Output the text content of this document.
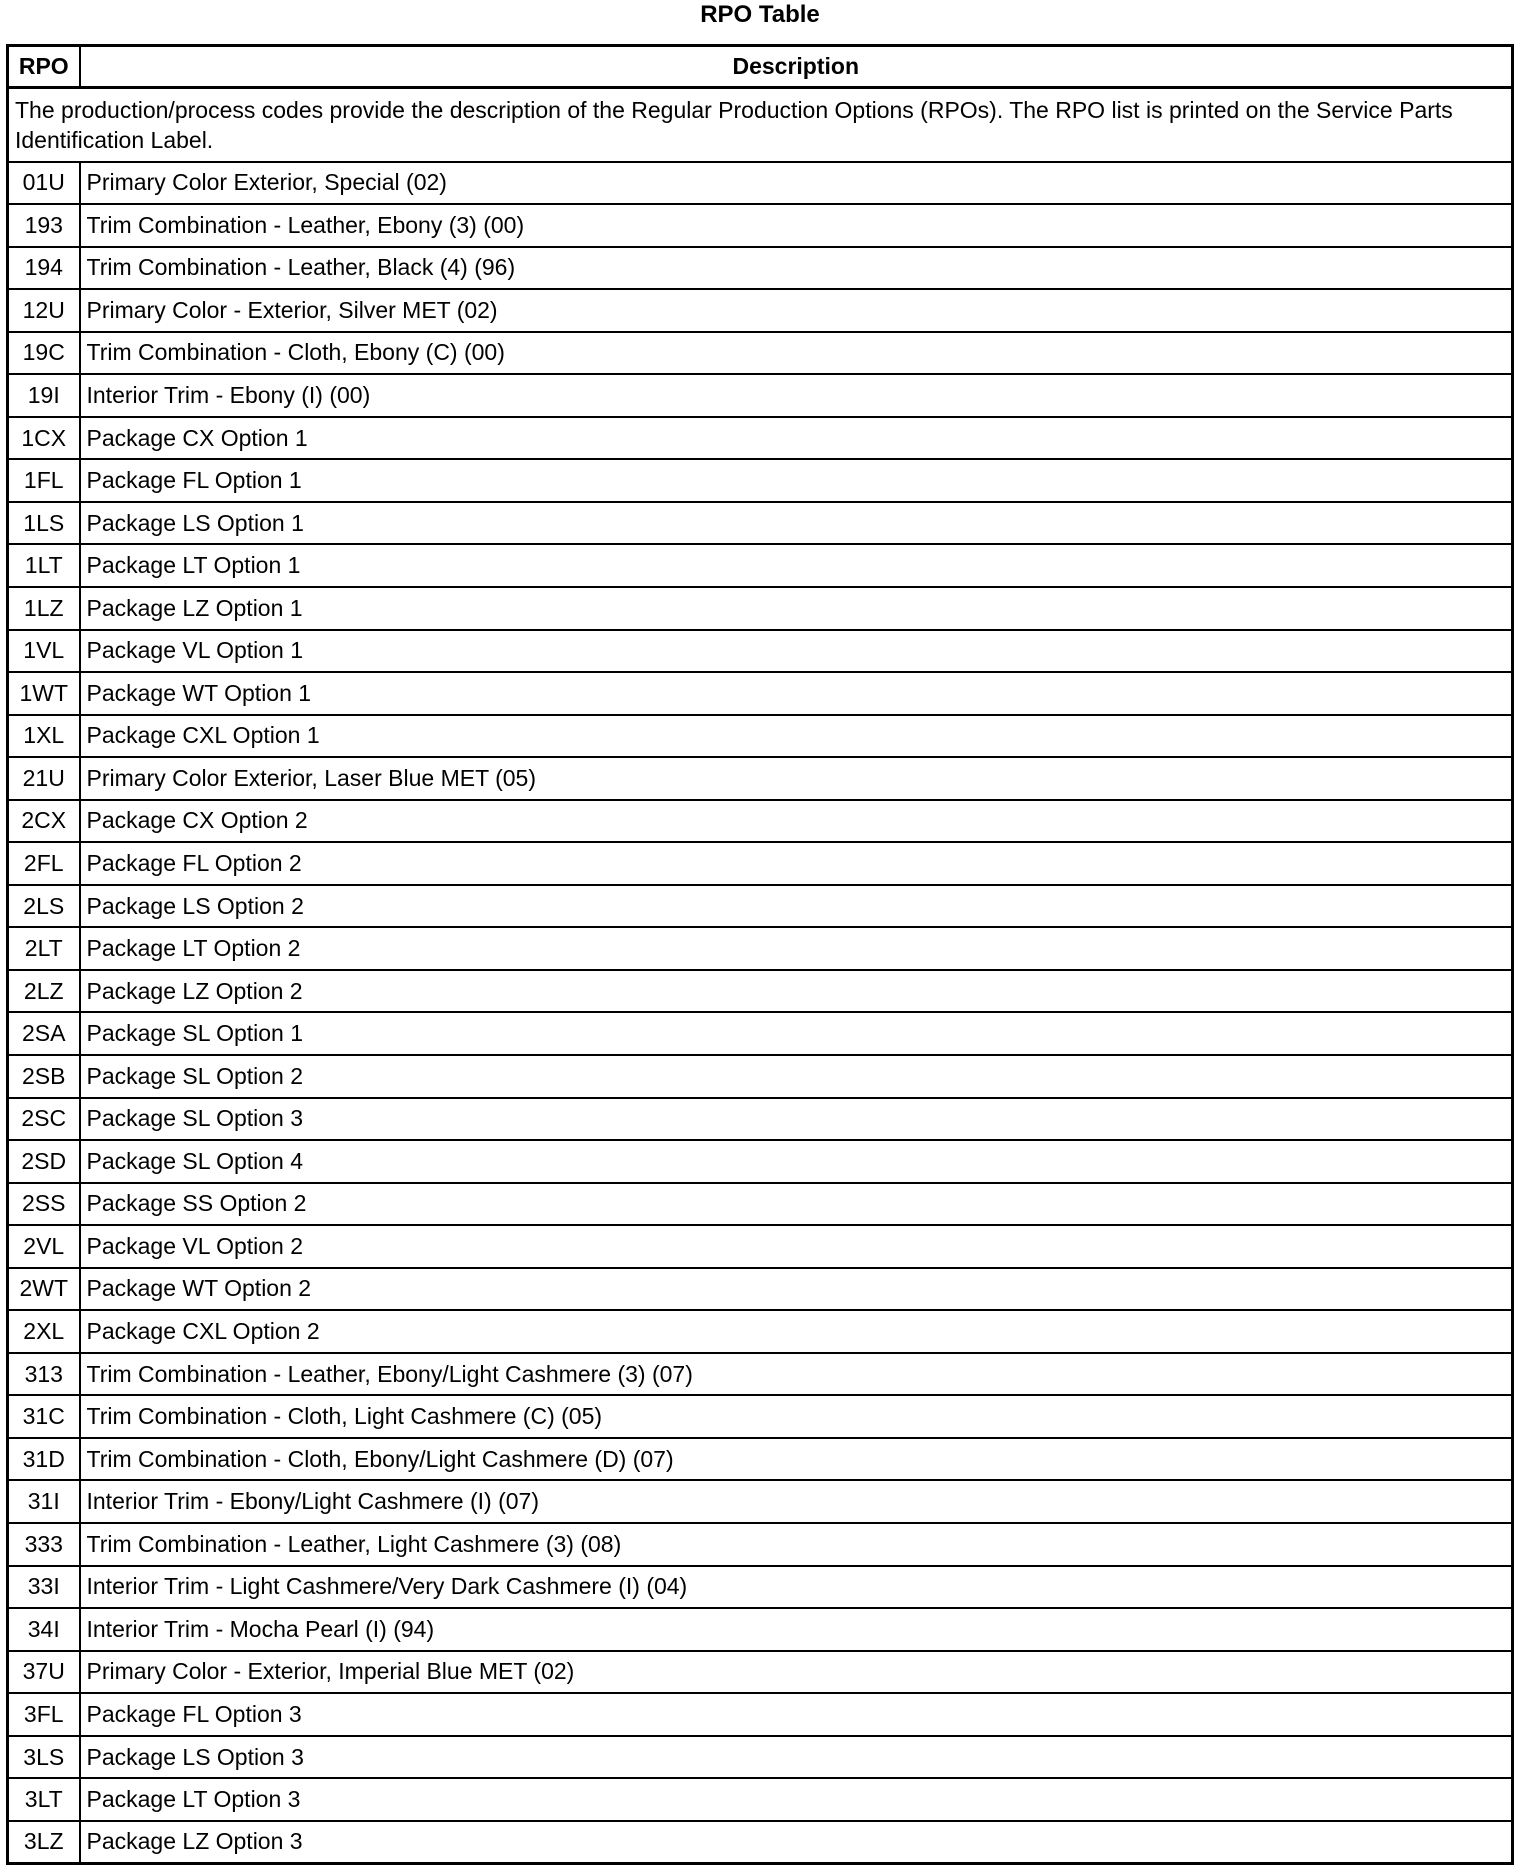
RPO Table
RPO	Description
The production/process codes provide the description of the Regular Production Options (RPOs). The RPO list is printed on the Service Parts Identification Label.	
01U	Primary Color Exterior, Special (02)
193	Trim Combination - Leather, Ebony (3) (00)
194	Trim Combination - Leather, Black (4) (96)
12U	Primary Color - Exterior, Silver MET (02)
19C	Trim Combination - Cloth, Ebony (C) (00)
19I	Interior Trim - Ebony (I) (00)
1CX	Package CX Option 1
1FL	Package FL Option 1
1LS	Package LS Option 1
1LT	Package LT Option 1
1LZ	Package LZ Option 1
1VL	Package VL Option 1
1WT	Package WT Option 1
1XL	Package CXL Option 1
21U	Primary Color Exterior, Laser Blue MET (05)
2CX	Package CX Option 2
2FL	Package FL Option 2
2LS	Package LS Option 2
2LT	Package LT Option 2
2LZ	Package LZ Option 2
2SA	Package SL Option 1
2SB	Package SL Option 2
2SC	Package SL Option 3
2SD	Package SL Option 4
2SS	Package SS Option 2
2VL	Package VL Option 2
2WT	Package WT Option 2
2XL	Package CXL Option 2
313	Trim Combination - Leather, Ebony/Light Cashmere (3) (07)
31C	Trim Combination - Cloth, Light Cashmere (C) (05)
31D	Trim Combination - Cloth, Ebony/Light Cashmere (D) (07)
31I	Interior Trim - Ebony/Light Cashmere (I) (07)
333	Trim Combination - Leather, Light Cashmere (3) (08)
33I	Interior Trim - Light Cashmere/Very Dark Cashmere (I) (04)
34I	Interior Trim - Mocha Pearl (I) (94)
37U	Primary Color - Exterior, Imperial Blue MET (02)
3FL	Package FL Option 3
3LS	Package LS Option 3
3LT	Package LT Option 3
3LZ	Package LZ Option 3
